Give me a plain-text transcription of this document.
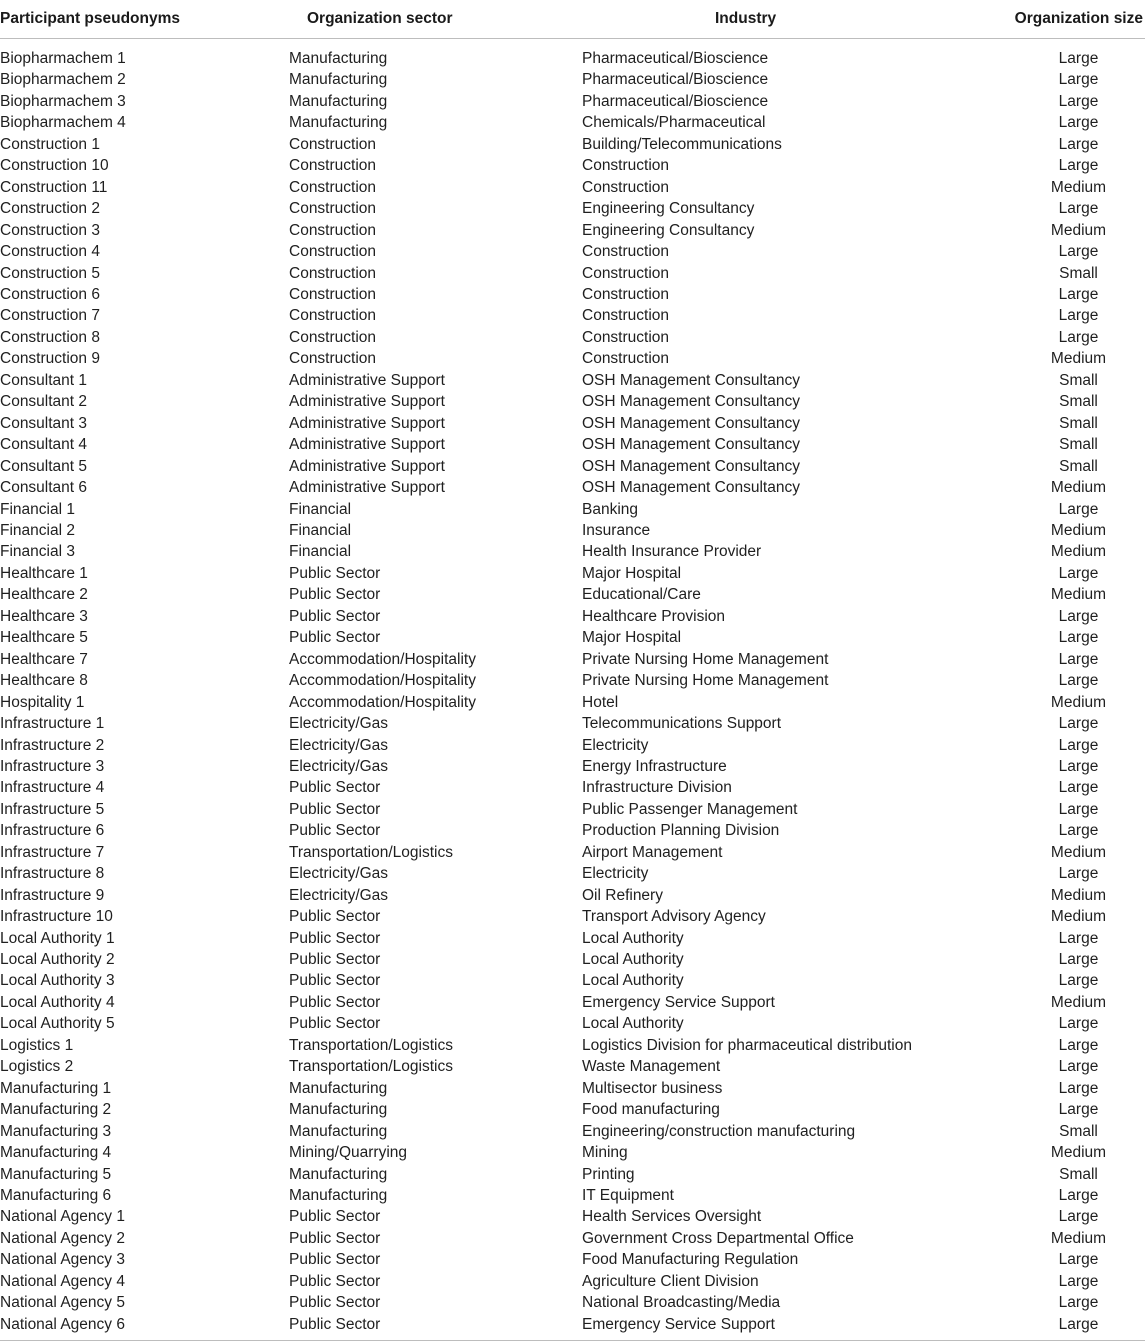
Participant pseudonyms	Organization sector	Industry	Organization size

Biopharmachem 1	Manufacturing	Pharmaceutical/Bioscience	Large
Biopharmachem 2	Manufacturing	Pharmaceutical/Bioscience	Large
Biopharmachem 3	Manufacturing	Pharmaceutical/Bioscience	Large
Biopharmachem 4	Manufacturing	Chemicals/Pharmaceutical	Large
Construction 1	Construction	Building/Telecommunications	Large
Construction 10	Construction	Construction	Large
Construction 11	Construction	Construction	Medium
Construction 2	Construction	Engineering Consultancy	Large
Construction 3	Construction	Engineering Consultancy	Medium
Construction 4	Construction	Construction	Large
Construction 5	Construction	Construction	Small
Construction 6	Construction	Construction	Large
Construction 7	Construction	Construction	Large
Construction 8	Construction	Construction	Large
Construction 9	Construction	Construction	Medium
Consultant 1	Administrative Support	OSH Management Consultancy	Small
Consultant 2	Administrative Support	OSH Management Consultancy	Small
Consultant 3	Administrative Support	OSH Management Consultancy	Small
Consultant 4	Administrative Support	OSH Management Consultancy	Small
Consultant 5	Administrative Support	OSH Management Consultancy	Small
Consultant 6	Administrative Support	OSH Management Consultancy	Medium
Financial 1	Financial	Banking	Large
Financial 2	Financial	Insurance	Medium
Financial 3	Financial	Health Insurance Provider	Medium
Healthcare 1	Public Sector	Major Hospital	Large
Healthcare 2	Public Sector	Educational/Care	Medium
Healthcare 3	Public Sector	Healthcare Provision	Large
Healthcare 5	Public Sector	Major Hospital	Large
Healthcare 7	Accommodation/Hospitality	Private Nursing Home Management	Large
Healthcare 8	Accommodation/Hospitality	Private Nursing Home Management	Large
Hospitality 1	Accommodation/Hospitality	Hotel	Medium
Infrastructure 1	Electricity/Gas	Telecommunications Support	Large
Infrastructure 2	Electricity/Gas	Electricity	Large
Infrastructure 3	Electricity/Gas	Energy Infrastructure	Large
Infrastructure 4	Public Sector	Infrastructure Division	Large
Infrastructure 5	Public Sector	Public Passenger Management	Large
Infrastructure 6	Public Sector	Production Planning Division	Large
Infrastructure 7	Transportation/Logistics	Airport Management	Medium
Infrastructure 8	Electricity/Gas	Electricity	Large
Infrastructure 9	Electricity/Gas	Oil Refinery	Medium
Infrastructure 10	Public Sector	Transport Advisory Agency	Medium
Local Authority 1	Public Sector	Local Authority	Large
Local Authority 2	Public Sector	Local Authority	Large
Local Authority 3	Public Sector	Local Authority	Large
Local Authority 4	Public Sector	Emergency Service Support	Medium
Local Authority 5	Public Sector	Local Authority	Large
Logistics 1	Transportation/Logistics	Logistics Division for pharmaceutical distribution	Large
Logistics 2	Transportation/Logistics	Waste Management	Large
Manufacturing 1	Manufacturing	Multisector business	Large
Manufacturing 2	Manufacturing	Food manufacturing	Large
Manufacturing 3	Manufacturing	Engineering/construction manufacturing	Small
Manufacturing 4	Mining/Quarrying	Mining	Medium
Manufacturing 5	Manufacturing	Printing	Small
Manufacturing 6	Manufacturing	IT Equipment	Large
National Agency 1	Public Sector	Health Services Oversight	Large
National Agency 2	Public Sector	Government Cross Departmental Office	Medium
National Agency 3	Public Sector	Food Manufacturing Regulation	Large
National Agency 4	Public Sector	Agriculture Client Division	Large
National Agency 5	Public Sector	National Broadcasting/Media	Large
National Agency 6	Public Sector	Emergency Service Support	Large
